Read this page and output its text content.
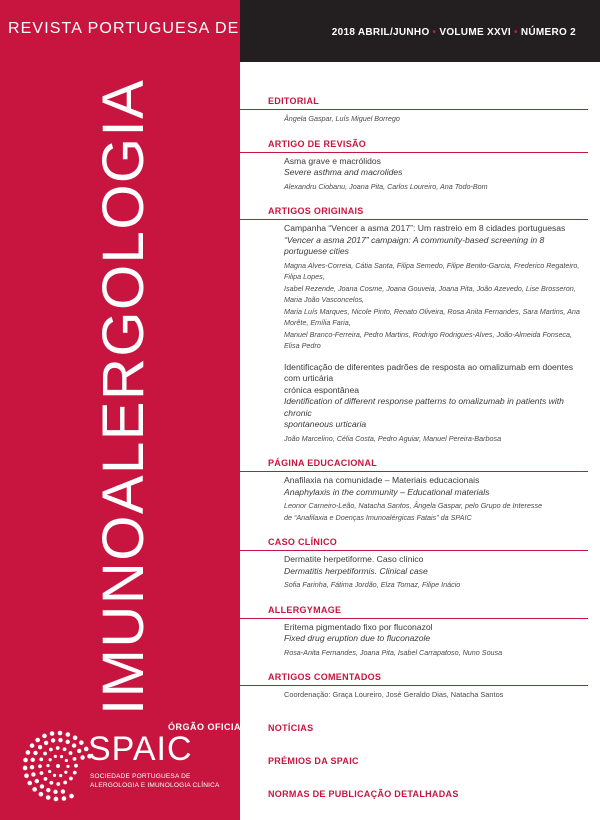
REVISTA PORTUGUESA DE
IMUNOALERGOLOGIA
ÓRGÃO OFICIAL
SPAIC
SOCIEDADE PORTUGUESA DE
ALERGOLOGIA E IMUNOLOGIA CLÍNICA
2018 ABRIL/JUNHO • VOLUME XXVI • NÚMERO 2
EDITORIAL
Ângela Gaspar, Luís Miguel Borrego
ARTIGO DE REVISÃO
Asma grave e macrólidos
Severe asthma and macrolides
Alexandru Ciobanu, Joana Pita, Carlos Loureiro, Ana Todo-Bom
ARTIGOS ORIGINAIS
Campanha “Vencer a asma 2017”: Um rastreio em 8 cidades portuguesas
“Vencer a asma 2017” campaign: A community-based screening in 8 portuguese cities
Magna Alves-Correia, Cátia Santa, Filipa Semedo, Filipe Benito-Garcia, Frederico Regateiro, Filipa Lopes,
Isabel Rezende, Joana Cosme, Joana Gouveia, Joana Pita, João Azevedo, Lise Brosseron, Maria João Vasconcelos,
Maria Luís Marques, Nicole Pinto, Renato Oliveira, Rosa Anita Fernandes, Sara Martins, Ana Morête, Emília Faria,
Manuel Branco-Ferreira, Pedro Martins, Rodrigo Rodrigues-Alves, João-Almeida Fonseca, Elisa Pedro
Identificação de diferentes padrões de resposta ao omalizumab em doentes com urticária
crónica espontânea
Identification of different response patterns to omalizumab in patients with chronic
spontaneous urticaria
João Marcelino, Célia Costa, Pedro Aguiar, Manuel Pereira-Barbosa
PÁGINA EDUCACIONAL
Anafilaxia na comunidade – Materiais educacionais
Anaphylaxis in the community – Educational materials
Leonor Carneiro-Leão, Natacha Santos, Ângela Gaspar, pelo Grupo de Interesse
de “Anafilaxia e Doenças Imunoalérgicas Fatais” da SPAIC
CASO CLÍNICO
Dermatite herpetiforme. Caso clínico
Dermatitis herpetiformis. Clinical case
Sofia Farinha, Fátima Jordão, Elza Tomaz, Filipe Inácio
ALLERGYMAGE
Eritema pigmentado fixo por fluconazol
Fixed drug eruption due to fluconazole
Rosa-Anita Fernandes, Joana Pita, Isabel Carrapatoso, Nuno Sousa
ARTIGOS COMENTADOS
Coordenação: Graça Loureiro, José Geraldo Dias, Natacha Santos
NOTÍCIAS
PRÉMIOS DA SPAIC
NORMAS DE PUBLICAÇÃO DETALHADAS
